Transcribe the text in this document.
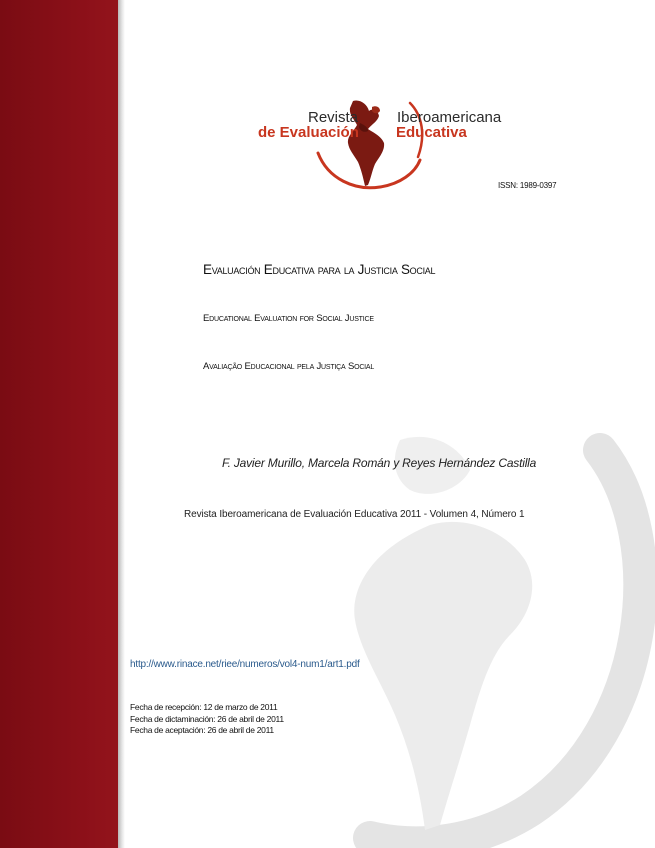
Revista	Iberoamericana
de Evaluación Educativa
ISSN: 1989-0397
Evaluación Educativa para la Justicia Social
Educational Evaluation for Social Justice
Avaliação Educacional pela Justiça Social
F. Javier Murillo, Marcela Román y Reyes Hernández Castilla
Revista Iberoamericana de Evaluación Educativa 2011 - Volumen 4, Número 1
http://www.rinace.net/riee/numeros/vol4-num1/art1.pdf
Fecha de recepción: 12 de marzo de 2011
Fecha de dictaminación: 26 de abril de 2011
Fecha de aceptación: 26 de abril de 2011
